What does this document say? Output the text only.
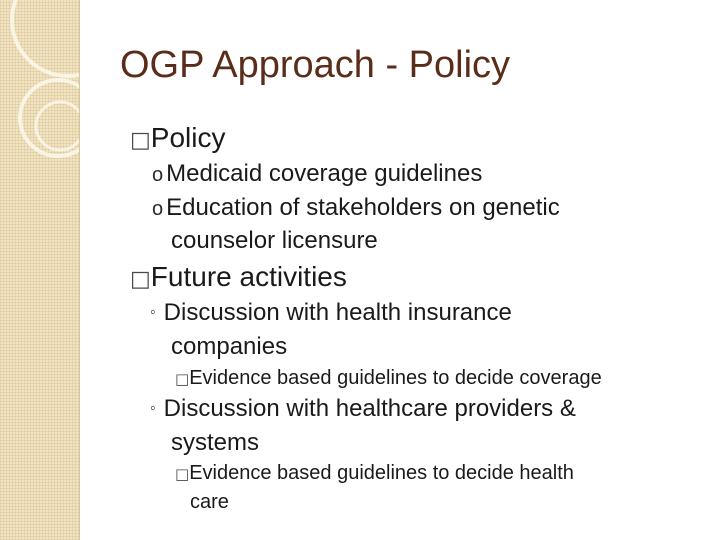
OGP Approach - Policy
□Policy
o Medicaid coverage guidelines
o Education of stakeholders on genetic
counselor licensure
□Future activities
◦ Discussion with health insurance
companies
□Evidence based guidelines to decide coverage
◦ Discussion with healthcare providers &
systems
□Evidence based guidelines to decide health
care
